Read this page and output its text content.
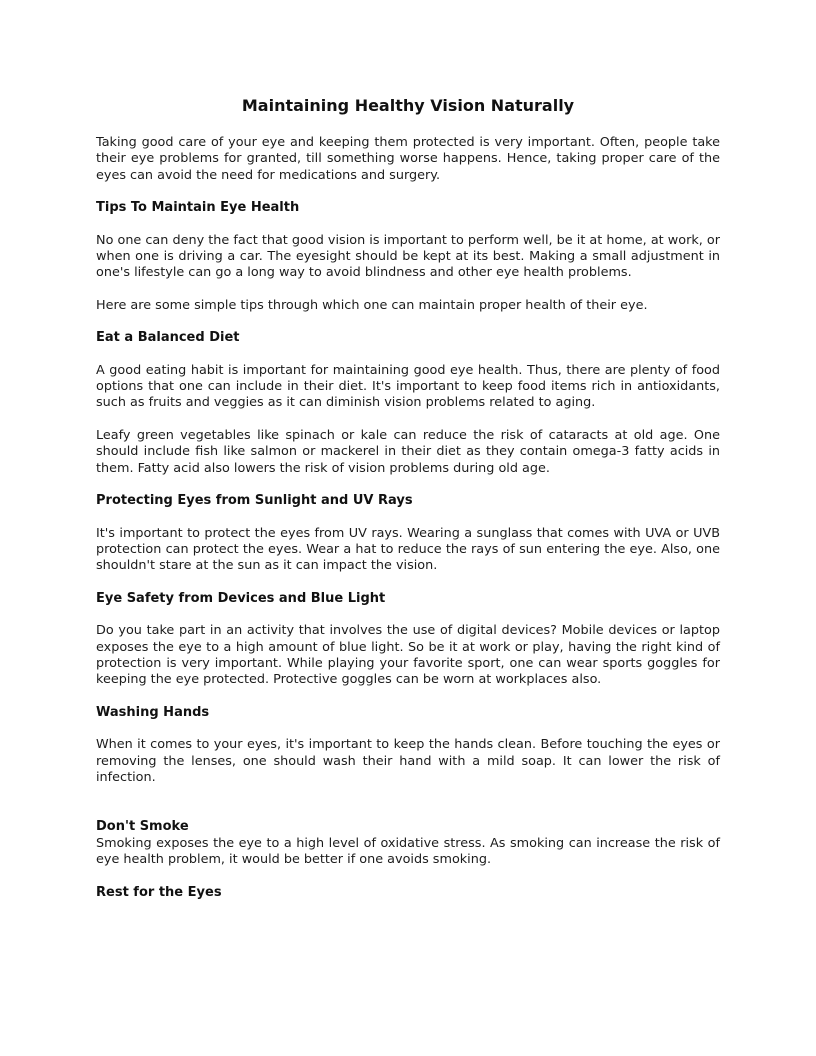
Maintaining Healthy Vision Naturally

Taking good care of your eye and keeping them protected is very important. Often, people take their eye problems for granted, till something worse happens. Hence, taking proper care of the eyes can avoid the need for medications and surgery.

Tips To Maintain Eye Health

No one can deny the fact that good vision is important to perform well, be it at home, at work, or when one is driving a car. The eyesight should be kept at its best. Making a small adjustment in one's lifestyle can go a long way to avoid blindness and other eye health problems.

Here are some simple tips through which one can maintain proper health of their eye.

Eat a Balanced Diet

A good eating habit is important for maintaining good eye health. Thus, there are plenty of food options that one can include in their diet. It's important to keep food items rich in antioxidants, such as fruits and veggies as it can diminish vision problems related to aging.

Leafy green vegetables like spinach or kale can reduce the risk of cataracts at old age. One should include fish like salmon or mackerel in their diet as they contain omega-3 fatty acids in them. Fatty acid also lowers the risk of vision problems during old age.

Protecting Eyes from Sunlight and UV Rays

It's important to protect the eyes from UV rays. Wearing a sunglass that comes with UVA or UVB protection can protect the eyes. Wear a hat to reduce the rays of sun entering the eye. Also, one shouldn't stare at the sun as it can impact the vision.

Eye Safety from Devices and Blue Light

Do you take part in an activity that involves the use of digital devices? Mobile devices or laptop exposes the eye to a high amount of blue light. So be it at work or play, having the right kind of protection is very important. While playing your favorite sport, one can wear sports goggles for keeping the eye protected. Protective goggles can be worn at workplaces also.

Washing Hands

When it comes to your eyes, it's important to keep the hands clean. Before touching the eyes or removing the lenses, one should wash their hand with a mild soap. It can lower the risk of infection.

Don't Smoke

Smoking exposes the eye to a high level of oxidative stress. As smoking can increase the risk of eye health problem, it would be better if one avoids smoking.

Rest for the Eyes
